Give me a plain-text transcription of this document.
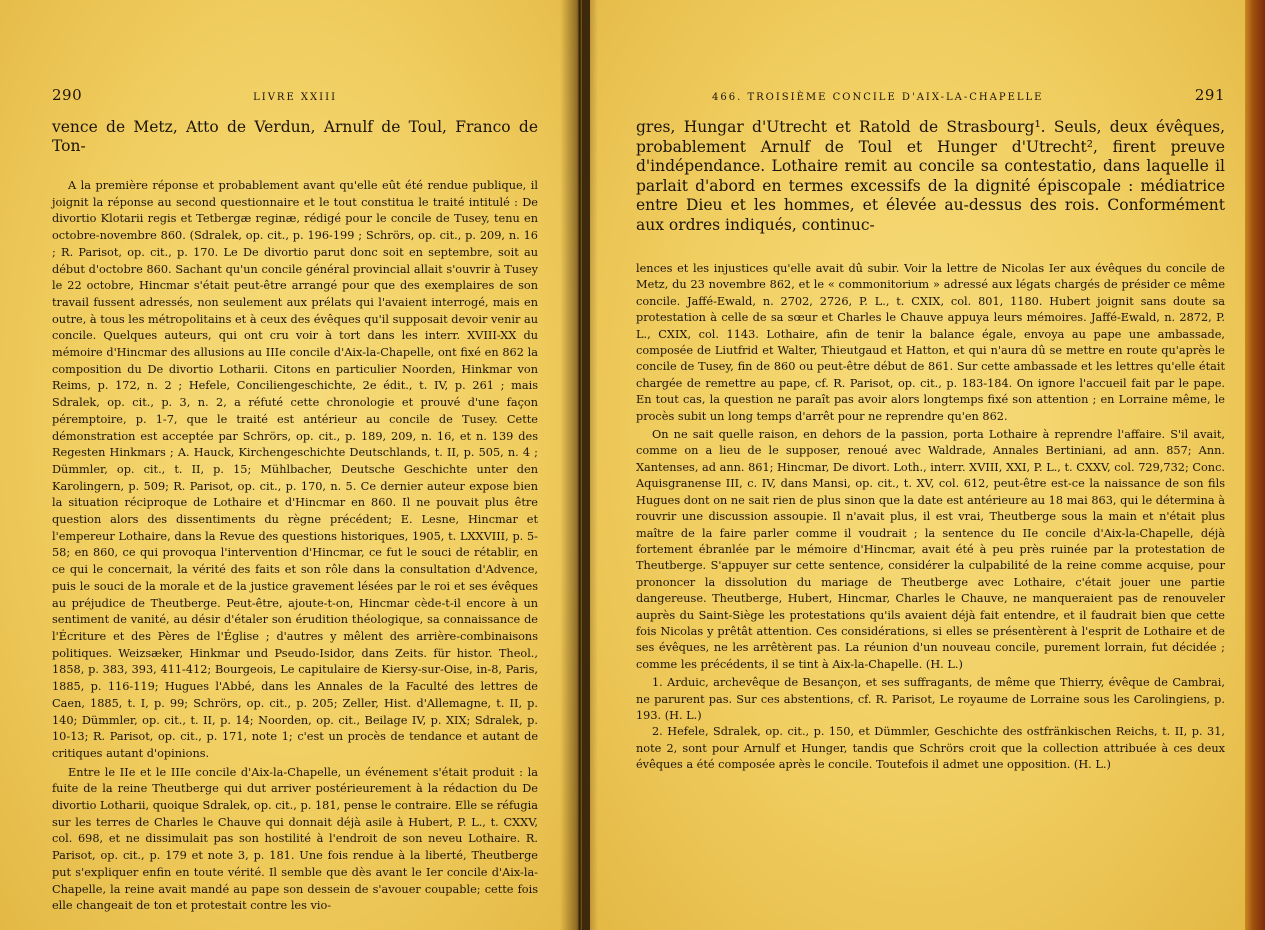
290	LIVRE XXIII

vence de Metz, Atto de Verdun, Arnulf de Toul, Franco de Ton-

A la première réponse et probablement avant qu'elle eût été rendue publique, il joignit la réponse au second questionnaire et le tout constitua le traité intitulé : De divortio Klotarii regis et Tetbergæ reginæ, rédigé pour le concile de Tusey, tenu en octobre-novembre 860. (Sdralek, op. cit., p. 196-199 ; Schrörs, op. cit., p. 209, n. 16 ; R. Parisot, op. cit., p. 170. Le De divortio parut donc soit en septembre, soit au début d'octobre 860. Sachant qu'un concile général provincial allait s'ouvrir à Tusey le 22 octobre, Hincmar s'était peut-être arrangé pour que des exemplaires de son travail fussent adressés, non seulement aux prélats qui l'avaient interrogé, mais en outre, à tous les métropolitains et à ceux des évêques qu'il supposait devoir venir au concile. Quelques auteurs, qui ont cru voir à tort dans les interr. XVIII-XX du mémoire d'Hincmar des allusions au IIIe concile d'Aix-la-Chapelle, ont fixé en 862 la composition du De divortio Lotharii. Citons en particulier Noorden, Hinkmar von Reims, p. 172, n. 2 ; Hefele, Conciliengeschichte, 2e édit., t. IV, p. 261 ; mais Sdralek, op. cit., p. 3, n. 2, a réfuté cette chronologie et prouvé d'une façon péremptoire, p. 1-7, que le traité est antérieur au concile de Tusey. Cette démonstration est acceptée par Schrörs, op. cit., p. 189, 209, n. 16, et n. 139 des Regesten Hinkmars ; A. Hauck, Kirchengeschichte Deutschlands, t. II, p. 505, n. 4 ; Dümmler, op. cit., t. II, p. 15; Mühlbacher, Deutsche Geschichte unter den Karolingern, p. 509; R. Parisot, op. cit., p. 170, n. 5. Ce dernier auteur expose bien la situation réciproque de Lothaire et d'Hincmar en 860. Il ne pouvait plus être question alors des dissentiments du règne précédent; E. Lesne, Hincmar et l'empereur Lothaire, dans la Revue des questions historiques, 1905, t. LXXVIII, p. 5-58; en 860, ce qui provoqua l'intervention d'Hincmar, ce fut le souci de rétablir, en ce qui le concernait, la vérité des faits et son rôle dans la consultation d'Advence, puis le souci de la morale et de la justice gravement lésées par le roi et ses évêques au préjudice de Theutberge. Peut-être, ajoute-t-on, Hincmar cède-t-il encore à un sentiment de vanité, au désir d'étaler son érudition théologique, sa connaissance de l'Écriture et des Pères de l'Église ; d'autres y mêlent des arrière-combinaisons politiques. Weizsæker, Hinkmar und Pseudo-Isidor, dans Zeits. für histor. Theol., 1858, p. 383, 393, 411-412; Bourgeois, Le capitulaire de Kiersy-sur-Oise, in-8, Paris, 1885, p. 116-119; Hugues l'Abbé, dans les Annales de la Faculté des lettres de Caen, 1885, t. I, p. 99; Schrörs, op. cit., p. 205; Zeller, Hist. d'Allemagne, t. II, p. 140; Dümmler, op. cit., t. II, p. 14; Noorden, op. cit., Beilage IV, p. XIX; Sdralek, p. 10-13; R. Parisot, op. cit., p. 171, note 1; c'est un procès de tendance et autant de critiques autant d'opinions.

Entre le IIe et le IIIe concile d'Aix-la-Chapelle, un événement s'était produit : la fuite de la reine Theutberge qui dut arriver postérieurement à la rédaction du De divortio Lotharii, quoique Sdralek, op. cit., p. 181, pense le contraire. Elle se réfugia sur les terres de Charles le Chauve qui donnait déjà asile à Hubert, P. L., t. CXXV, col. 698, et ne dissimulait pas son hostilité à l'endroit de son neveu Lothaire. R. Parisot, op. cit., p. 179 et note 3, p. 181. Une fois rendue à la liberté, Theutberge put s'expliquer enfin en toute vérité. Il semble que dès avant le Ier concile d'Aix-la-Chapelle, la reine avait mandé au pape son dessein de s'avouer coupable; cette fois elle changeait de ton et protestait contre les vio-

466. TROISIÈME CONCILE D'AIX-LA-CHAPELLE	291

gres, Hungar d'Utrecht et Ratold de Strasbourg¹. Seuls, deux évêques, probablement Arnulf de Toul et Hunger d'Utrecht², firent preuve d'indépendance. Lothaire remit au concile sa contestatio, dans laquelle il parlait d'abord en termes excessifs de la dignité épiscopale : médiatrice entre Dieu et les hommes, et élevée au-dessus des rois. Conformément aux ordres indiqués, continuc-

lences et les injustices qu'elle avait dû subir. Voir la lettre de Nicolas Ier aux évêques du concile de Metz, du 23 novembre 862, et le « commonitorium » adressé aux légats chargés de présider ce même concile. Jaffé-Ewald, n. 2702, 2726, P. L., t. CXIX, col. 801, 1180. Hubert joignit sans doute sa protestation à celle de sa sœur et Charles le Chauve appuya leurs mémoires. Jaffé-Ewald, n. 2872, P. L., CXIX, col. 1143. Lothaire, afin de tenir la balance égale, envoya au pape une ambassade, composée de Liutfrid et Walter, Thieutgaud et Hatton, et qui n'aura dû se mettre en route qu'après le concile de Tusey, fin de 860 ou peut-être début de 861. Sur cette ambassade et les lettres qu'elle était chargée de remettre au pape, cf. R. Parisot, op. cit., p. 183-184. On ignore l'accueil fait par le pape. En tout cas, la question ne paraît pas avoir alors longtemps fixé son attention ; en Lorraine même, le procès subit un long temps d'arrêt pour ne reprendre qu'en 862.

On ne sait quelle raison, en dehors de la passion, porta Lothaire à reprendre l'affaire. S'il avait, comme on a lieu de le supposer, renoué avec Waldrade, Annales Bertiniani, ad ann. 857; Ann. Xantenses, ad ann. 861; Hincmar, De divort. Loth., interr. XVIII, XXI, P. L., t. CXXV, col. 729,732; Conc. Aquisgranense III, c. IV, dans Mansi, op. cit., t. XV, col. 612, peut-être est-ce la naissance de son fils Hugues dont on ne sait rien de plus sinon que la date est antérieure au 18 mai 863, qui le détermina à rouvrir une discussion assoupie. Il n'avait plus, il est vrai, Theutberge sous la main et n'était plus maître de la faire parler comme il voudrait ; la sentence du IIe concile d'Aix-la-Chapelle, déjà fortement ébranlée par le mémoire d'Hincmar, avait été à peu près ruinée par la protestation de Theutberge. S'appuyer sur cette sentence, considérer la culpabilité de la reine comme acquise, pour prononcer la dissolution du mariage de Theutberge avec Lothaire, c'était jouer une partie dangereuse. Theutberge, Hubert, Hincmar, Charles le Chauve, ne manqueraient pas de renouveler auprès du Saint-Siège les protestations qu'ils avaient déjà fait entendre, et il faudrait bien que cette fois Nicolas y prêtât attention. Ces considérations, si elles se présentèrent à l'esprit de Lothaire et de ses évêques, ne les arrêtèrent pas. La réunion d'un nouveau concile, purement lorrain, fut décidée ; comme les précédents, il se tint à Aix-la-Chapelle. (H. L.)

1. Arduic, archevêque de Besançon, et ses suffragants, de même que Thierry, évêque de Cambrai, ne parurent pas. Sur ces abstentions, cf. R. Parisot, Le royaume de Lorraine sous les Carolingiens, p. 193. (H. L.)

2. Hefele, Sdralek, op. cit., p. 150, et Dümmler, Geschichte des ostfränkischen Reichs, t. II, p. 31, note 2, sont pour Arnulf et Hunger, tandis que Schrörs croit que la collection attribuée à ces deux évêques a été composée après le concile. Toutefois il admet une opposition. (H. L.)
